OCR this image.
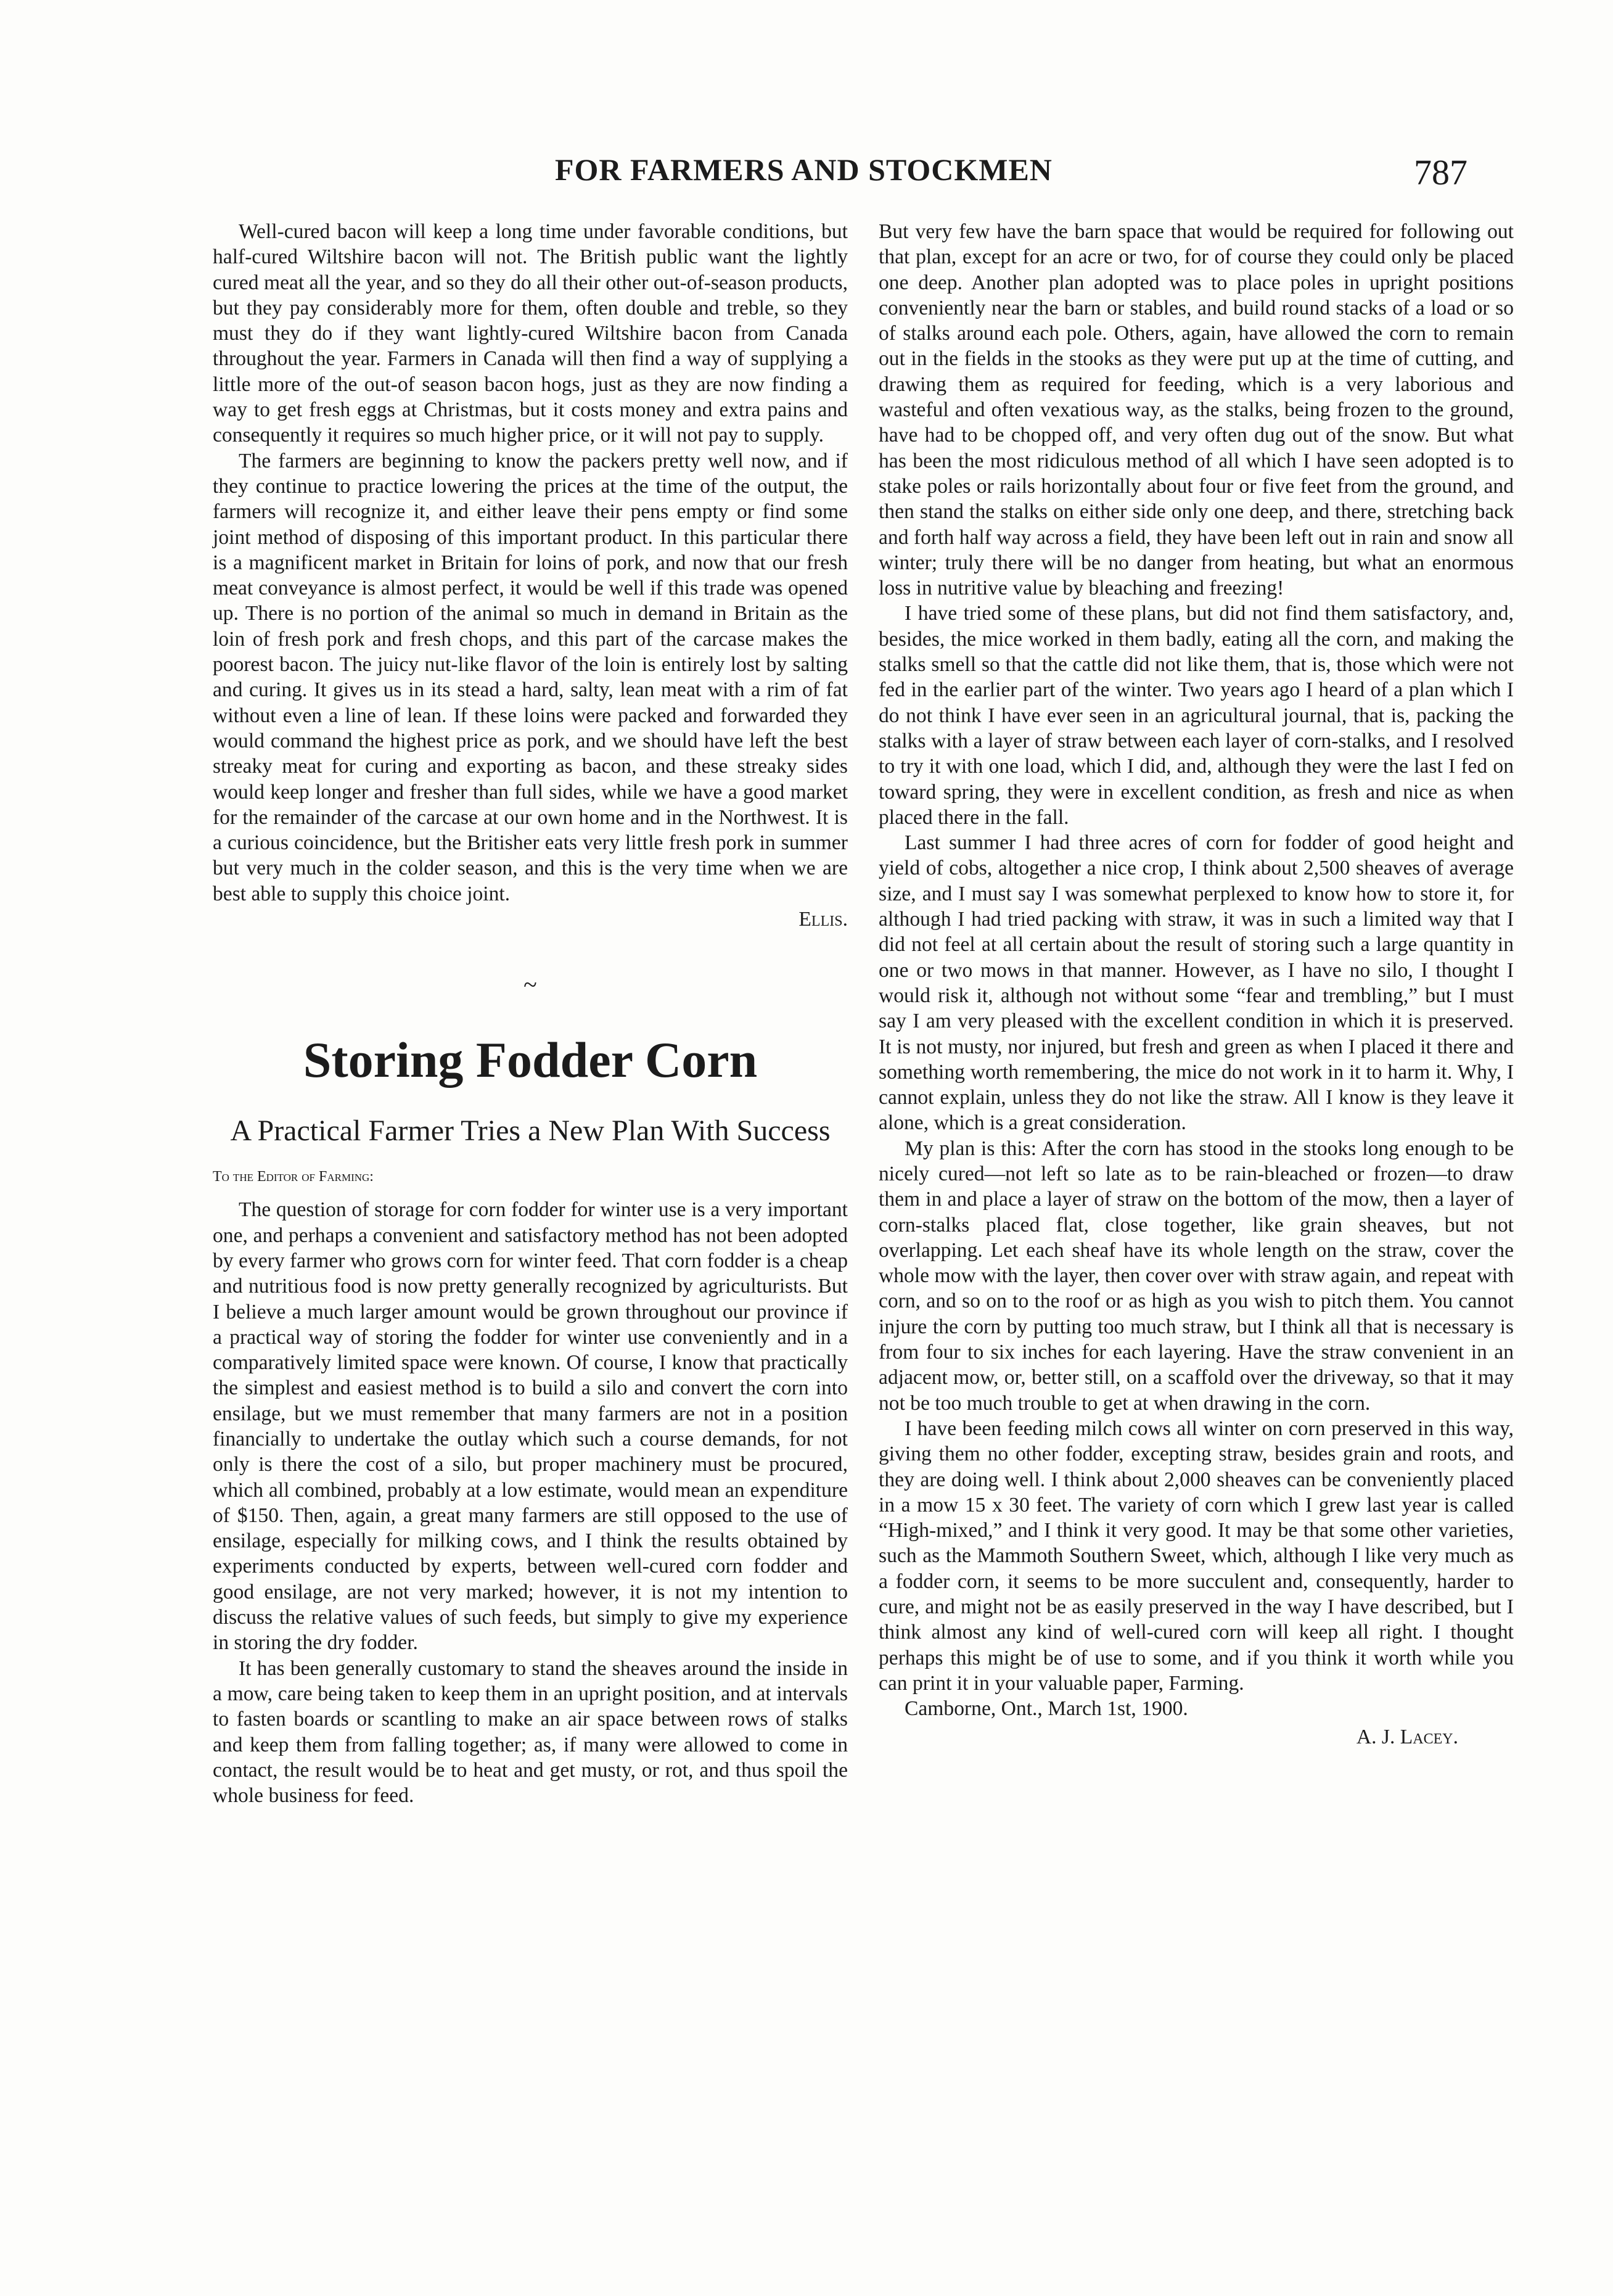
FOR FARMERS AND STOCKMEN	787

Well-cured bacon will keep a long time under favorable conditions, but half-cured Wiltshire bacon will not. The British public want the lightly cured meat all the year, and so they do all their other out-of-season products, but they pay considerably more for them, often double and treble, so they must they do if they want lightly-cured Wiltshire bacon from Canada throughout the year. Farmers in Canada will then find a way of supplying a little more of the out-of season bacon hogs, just as they are now finding a way to get fresh eggs at Christmas, but it costs money and extra pains and consequently it requires so much higher price, or it will not pay to supply.

The farmers are beginning to know the packers pretty well now, and if they continue to practice lowering the prices at the time of the output, the farmers will recognize it, and either leave their pens empty or find some joint method of disposing of this important product. In this particular there is a magnificent market in Britain for loins of pork, and now that our fresh meat conveyance is almost perfect, it would be well if this trade was opened up. There is no portion of the animal so much in demand in Britain as the loin of fresh pork and fresh chops, and this part of the carcase makes the poorest bacon. The juicy nut-like flavor of the loin is entirely lost by salting and curing. It gives us in its stead a hard, salty, lean meat with a rim of fat without even a line of lean. If these loins were packed and forwarded they would command the highest price as pork, and we should have left the best streaky meat for curing and exporting as bacon, and these streaky sides would keep longer and fresher than full sides, while we have a good market for the remainder of the carcase at our own home and in the Northwest. It is a curious coincidence, but the Britisher eats very little fresh pork in summer but very much in the colder season, and this is the very time when we are best able to supply this choice joint.

Ellis.

~
Storing Fodder Corn
A Practical Farmer Tries a New Plan With Success

To the Editor of Farming:

The question of storage for corn fodder for winter use is a very important one, and perhaps a convenient and satisfactory method has not been adopted by every farmer who grows corn for winter feed. That corn fodder is a cheap and nutritious food is now pretty generally recognized by agriculturists. But I believe a much larger amount would be grown throughout our province if a practical way of storing the fodder for winter use conveniently and in a comparatively limited space were known. Of course, I know that practically the simplest and easiest method is to build a silo and convert the corn into ensilage, but we must remember that many farmers are not in a position financially to undertake the outlay which such a course demands, for not only is there the cost of a silo, but proper machinery must be procured, which all combined, probably at a low estimate, would mean an expenditure of $150. Then, again, a great many farmers are still opposed to the use of ensilage, especially for milking cows, and I think the results obtained by experiments conducted by experts, between well-cured corn fodder and good ensilage, are not very marked; however, it is not my intention to discuss the relative values of such feeds, but simply to give my experience in storing the dry fodder.

It has been generally customary to stand the sheaves around the inside in a mow, care being taken to keep them in an upright position, and at intervals to fasten boards or scantling to make an air space between rows of stalks and keep them from falling together; as, if many were allowed to come in contact, the result would be to heat and get musty, or rot, and thus spoil the whole business for feed.

But very few have the barn space that would be required for following out that plan, except for an acre or two, for of course they could only be placed one deep. Another plan adopted was to place poles in upright positions conveniently near the barn or stables, and build round stacks of a load or so of stalks around each pole. Others, again, have allowed the corn to remain out in the fields in the stooks as they were put up at the time of cutting, and drawing them as required for feeding, which is a very laborious and wasteful and often vexatious way, as the stalks, being frozen to the ground, have had to be chopped off, and very often dug out of the snow. But what has been the most ridiculous method of all which I have seen adopted is to stake poles or rails horizontally about four or five feet from the ground, and then stand the stalks on either side only one deep, and there, stretching back and forth half way across a field, they have been left out in rain and snow all winter; truly there will be no danger from heating, but what an enormous loss in nutritive value by bleaching and freezing!

I have tried some of these plans, but did not find them satisfactory, and, besides, the mice worked in them badly, eating all the corn, and making the stalks smell so that the cattle did not like them, that is, those which were not fed in the earlier part of the winter. Two years ago I heard of a plan which I do not think I have ever seen in an agricultural journal, that is, packing the stalks with a layer of straw between each layer of corn-stalks, and I resolved to try it with one load, which I did, and, although they were the last I fed on toward spring, they were in excellent condition, as fresh and nice as when placed there in the fall.

Last summer I had three acres of corn for fodder of good height and yield of cobs, altogether a nice crop, I think about 2,500 sheaves of average size, and I must say I was somewhat perplexed to know how to store it, for although I had tried packing with straw, it was in such a limited way that I did not feel at all certain about the result of storing such a large quantity in one or two mows in that manner. However, as I have no silo, I thought I would risk it, although not without some “fear and trembling,” but I must say I am very pleased with the excellent condition in which it is preserved. It is not musty, nor injured, but fresh and green as when I placed it there and something worth remembering, the mice do not work in it to harm it. Why, I cannot explain, unless they do not like the straw. All I know is they leave it alone, which is a great consideration.

My plan is this: After the corn has stood in the stooks long enough to be nicely cured—not left so late as to be rain-bleached or frozen—to draw them in and place a layer of straw on the bottom of the mow, then a layer of corn-stalks placed flat, close together, like grain sheaves, but not overlapping. Let each sheaf have its whole length on the straw, cover the whole mow with the layer, then cover over with straw again, and repeat with corn, and so on to the roof or as high as you wish to pitch them. You cannot injure the corn by putting too much straw, but I think all that is necessary is from four to six inches for each layering. Have the straw convenient in an adjacent mow, or, better still, on a scaffold over the driveway, so that it may not be too much trouble to get at when drawing in the corn.

I have been feeding milch cows all winter on corn preserved in this way, giving them no other fodder, excepting straw, besides grain and roots, and they are doing well. I think about 2,000 sheaves can be conveniently placed in a mow 15 x 30 feet. The variety of corn which I grew last year is called “High-mixed,” and I think it very good. It may be that some other varieties, such as the Mammoth Southern Sweet, which, although I like very much as a fodder corn, it seems to be more succulent and, consequently, harder to cure, and might not be as easily preserved in the way I have described, but I think almost any kind of well-cured corn will keep all right. I thought perhaps this might be of use to some, and if you think it worth while you can print it in your valuable paper, Farming.

Camborne, Ont., March 1st, 1900.

A. J. Lacey.
